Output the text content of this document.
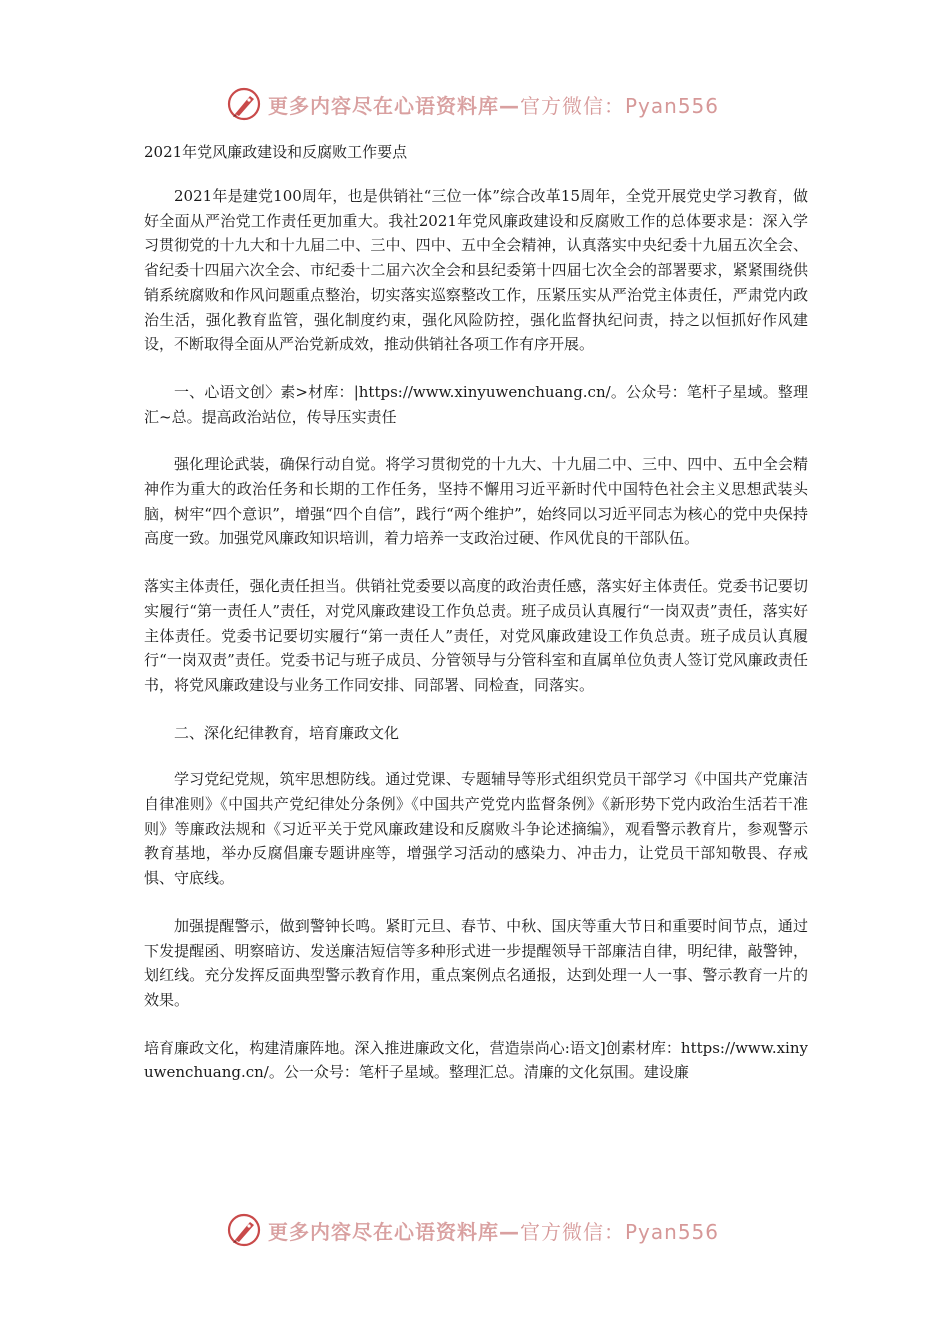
更多内容尽在心语资料库—官方微信：Pyan556
2021年党风廉政建设和反腐败工作要点

2021年是建党100周年，也是供销社“三位一体”综合改革15周年，全党开展党史学习教育，做好全面从严治党工作责任更加重大。我社2021年党风廉政建设和反腐败工作的总体要求是：深入学习贯彻党的十九大和十九届二中、三中、四中、五中全会精神，认真落实中央纪委十九届五次全会、省纪委十四届六次全会、市纪委十二届六次全会和县纪委第十四届七次全会的部署要求，紧紧围绕供销系统腐败和作风问题重点整治，切实落实巡察整改工作，压紧压实从严治党主体责任，严肃党内政治生活，强化教育监管，强化制度约束，强化风险防控，强化监督执纪问责，持之以恒抓好作风建设，不断取得全面从严治党新成效，推动供销社各项工作有序开展。

一、心语文创〉素>材库：|https://www.xinyuwenchuang.cn/。公众号：笔杆子星域。整理汇~总。提高政治站位，传导压实责任

强化理论武装，确保行动自觉。将学习贯彻党的十九大、十九届二中、三中、四中、五中全会精神作为重大的政治任务和长期的工作任务，坚持不懈用习近平新时代中国特色社会主义思想武装头脑，树牢“四个意识”，增强“四个自信”，践行“两个维护”，始终同以习近平同志为核心的党中央保持高度一致。加强党风廉政知识培训，着力培养一支政治过硬、作风优良的干部队伍。

落实主体责任，强化责任担当。供销社党委要以高度的政治责任感，落实好主体责任。党委书记要切实履行“第一责任人”责任，对党风廉政建设工作负总责。班子成员认真履行“一岗双责”责任，落实好主体责任。党委书记要切实履行“第一责任人”责任，对党风廉政建设工作负总责。班子成员认真履行“一岗双责”责任。党委书记与班子成员、分管领导与分管科室和直属单位负责人签订党风廉政责任书，将党风廉政建设与业务工作同安排、同部署、同检查，同落实。

二、深化纪律教育，培育廉政文化

学习党纪党规，筑牢思想防线。通过党课、专题辅导等形式组织党员干部学习《中国共产党廉洁自律准则》《中国共产党纪律处分条例》《中国共产党党内监督条例》《新形势下党内政治生活若干准则》等廉政法规和《习近平关于党风廉政建设和反腐败斗争论述摘编》，观看警示教育片，参观警示教育基地，举办反腐倡廉专题讲座等，增强学习活动的感染力、冲击力，让党员干部知敬畏、存戒惧、守底线。

加强提醒警示，做到警钟长鸣。紧盯元旦、春节、中秋、国庆等重大节日和重要时间节点，通过下发提醒函、明察暗访、发送廉洁短信等多种形式进一步提醒领导干部廉洁自律，明纪律，敲警钟，划红线。充分发挥反面典型警示教育作用，重点案例点名通报，达到处理一人一事、警示教育一片的效果。

培育廉政文化，构建清廉阵地。深入推进廉政文化，营造崇尚心:语文]创素材库：https://www.xinyuwenchuang.cn/。公一众号：笔杆子星域。整理汇总。清廉的文化氛围。建设廉

更多内容尽在心语资料库—官方微信：Pyan556
